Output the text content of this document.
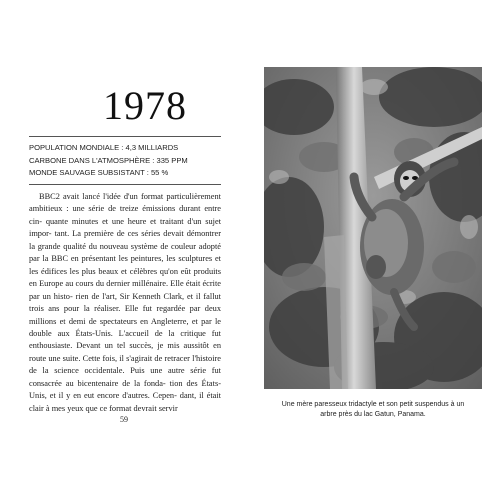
1978
POPULATION MONDIALE : 4,3 MILLIARDS
CARBONE DANS L'ATMOSPHÈRE : 335 PPM
MONDE SAUVAGE SUBSISTANT : 55 %

BBC2 avait lancé l'idée d'un format particulièrement ambitieux : une série de treize émissions durant entre cin- quante minutes et une heure et traitant d'un sujet impor- tant. La première de ces séries devait démontrer la grande qualité du nouveau système de couleur adopté par la BBC en présentant les peintures, les sculptures et les édifices les plus beaux et célèbres qu'on eût produits en Europe au cours du dernier millénaire. Elle était écrite par un histo- rien de l'art, Sir Kenneth Clark, et il fallut trois ans pour la réaliser. Elle fut regardée par deux millions et demi de spectateurs en Angleterre, et par le double aux États-Unis. L'accueil de la critique fut enthousiaste. Devant un tel succès, je mis aussitôt en route une suite. Cette fois, il s'agirait de retracer l'histoire de la science occidentale. Puis une autre série fut consacrée au bicentenaire de la fonda- tion des États-Unis, et il y en eut encore d'autres. Cepen- dant, il était clair à mes yeux que ce format devrait servir

59
Une mère paresseux tridactyle et son petit suspendus à un
arbre près du lac Gatun, Panama.
